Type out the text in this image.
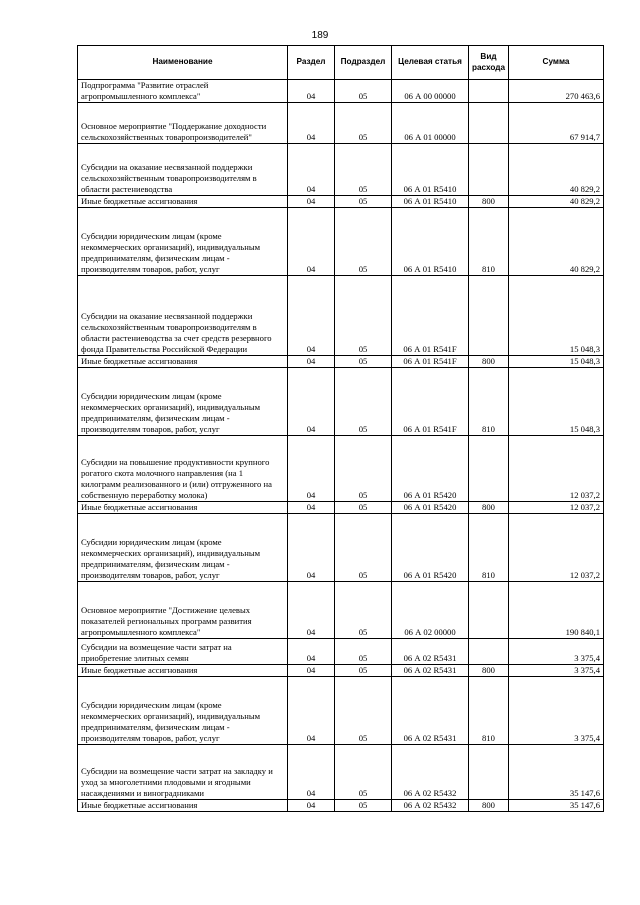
189
Наименование	Раздел	Подраздел	Целевая статья	Вид расхода	Сумма
Подпрограмма "Развитие отраслей агропромышленного комплекса"	04	05	06 А 00 00000		270 463,6
Основное мероприятие "Поддержание доходности сельскохозяйственных товаропроизводителей"	04	05	06 А 01 00000		67 914,7
Субсидии на оказание несвязанной поддержки сельскохозяйственным товаропроизводителям в области растениеводства	04	05	06 А 01 R5410		40 829,2
Иные бюджетные ассигнования	04	05	06 А 01 R5410	800	40 829,2
Субсидии юридическим лицам (кроме некоммерческих организаций), индивидуальным предпринимателям, физическим лицам - производителям товаров, работ, услуг	04	05	06 А 01 R5410	810	40 829,2
Субсидии на оказание несвязанной поддержки сельскохозяйственным товаропроизводителям в области растениеводства за счет средств резервного фонда Правительства Российской Федерации	04	05	06 А 01 R541F		15 048,3
Иные бюджетные ассигнования	04	05	06 А 01 R541F	800	15 048,3
Субсидии юридическим лицам (кроме некоммерческих организаций), индивидуальным предпринимателям, физическим лицам - производителям товаров, работ, услуг	04	05	06 А 01 R541F	810	15 048,3
Субсидии на повышение продуктивности крупного рогатого скота молочного направления (на 1 килограмм реализованного и (или) отгруженного на собственную переработку молока)	04	05	06 А 01 R5420		12 037,2
Иные бюджетные ассигнования	04	05	06 А 01 R5420	800	12 037,2
Субсидии юридическим лицам (кроме некоммерческих организаций), индивидуальным предпринимателям, физическим лицам - производителям товаров, работ, услуг	04	05	06 А 01 R5420	810	12 037,2
Основное мероприятие "Достижение целевых показателей региональных программ развития агропромышленного комплекса"	04	05	06 А 02 00000		190 840,1
Субсидии на возмещение части затрат на приобретение элитных семян	04	05	06 А 02 R5431		3 375,4
Иные бюджетные ассигнования	04	05	06 А 02 R5431	800	3 375,4
Субсидии юридическим лицам (кроме некоммерческих организаций), индивидуальным предпринимателям, физическим лицам - производителям товаров, работ, услуг	04	05	06 А 02 R5431	810	3 375,4
Субсидии на возмещение части затрат на закладку и уход за многолетними плодовыми и ягодными насаждениями и виноградниками	04	05	06 А 02 R5432		35 147,6
Иные бюджетные ассигнования	04	05	06 А 02 R5432	800	35 147,6
